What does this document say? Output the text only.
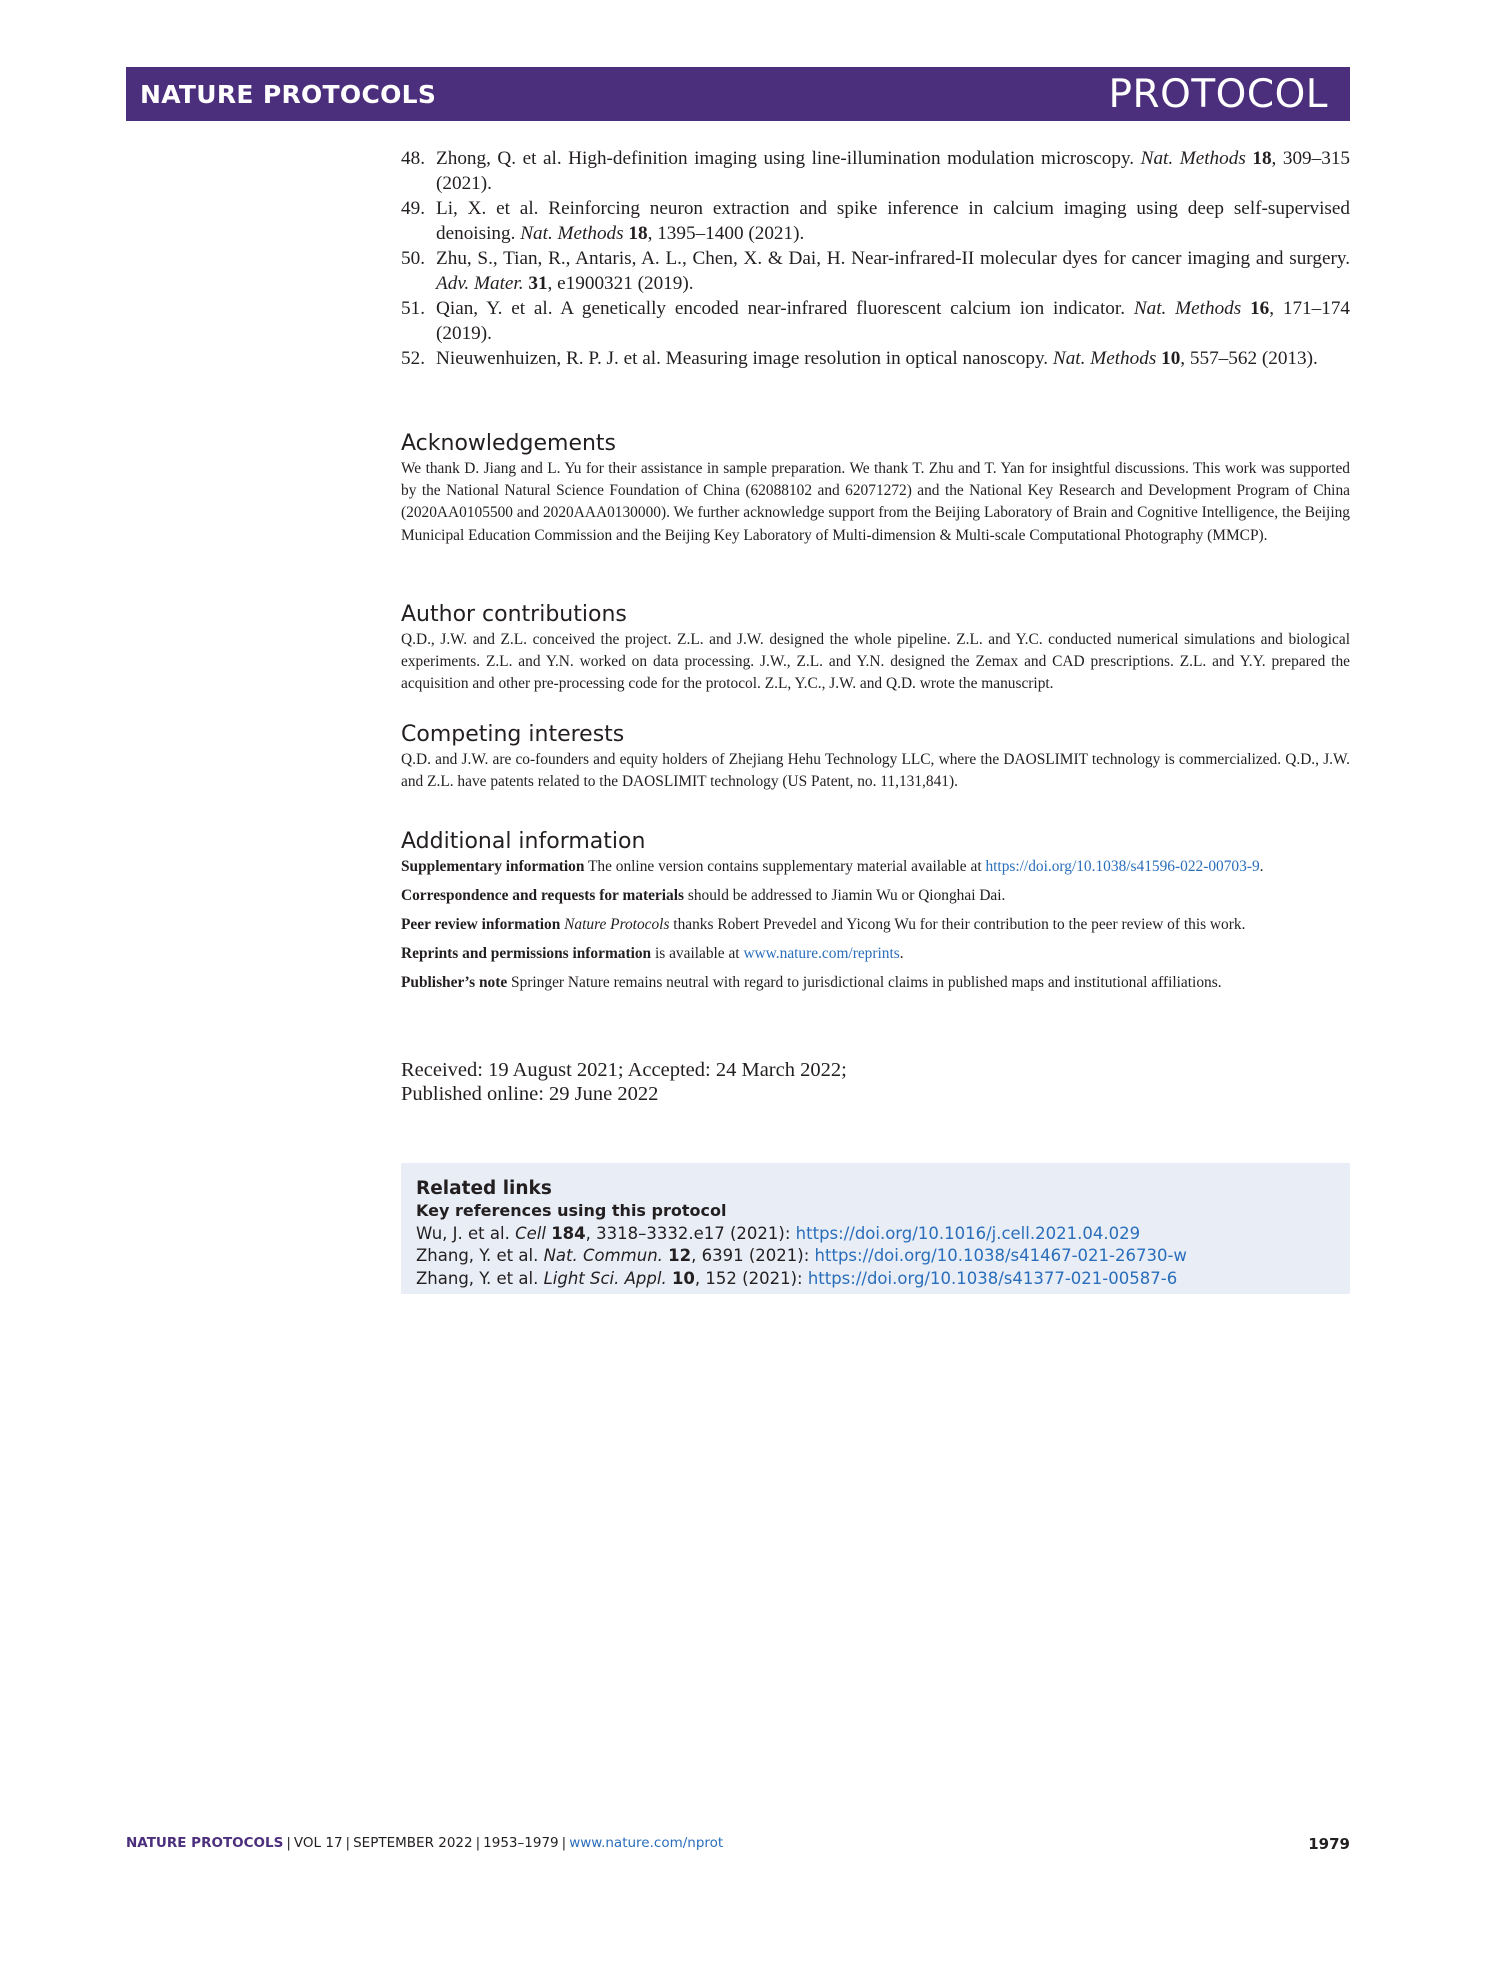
NATURE PROTOCOLS	PROTOCOL
48. Zhong, Q. et al. High-definition imaging using line-illumination modulation microscopy. Nat. Methods 18, 309–315 (2021).
49. Li, X. et al. Reinforcing neuron extraction and spike inference in calcium imaging using deep self-supervised denoising. Nat. Methods 18, 1395–1400 (2021).
50. Zhu, S., Tian, R., Antaris, A. L., Chen, X. & Dai, H. Near-infrared-II molecular dyes for cancer imaging and surgery. Adv. Mater. 31, e1900321 (2019).
51. Qian, Y. et al. A genetically encoded near-infrared fluorescent calcium ion indicator. Nat. Methods 16, 171–174 (2019).
52. Nieuwenhuizen, R. P. J. et al. Measuring image resolution in optical nanoscopy. Nat. Methods 10, 557–562 (2013).
Acknowledgements

We thank D. Jiang and L. Yu for their assistance in sample preparation. We thank T. Zhu and T. Yan for insightful discussions. This work was supported by the National Natural Science Foundation of China (62088102 and 62071272) and the National Key Research and Development Program of China (2020AA0105500 and 2020AAA0130000). We further acknowledge support from the Beijing Laboratory of Brain and Cognitive Intelligence, the Beijing Municipal Education Commission and the Beijing Key Laboratory of Multi-dimension & Multi-scale Computational Photography (MMCP).

Author contributions

Q.D., J.W. and Z.L. conceived the project. Z.L. and J.W. designed the whole pipeline. Z.L. and Y.C. conducted numerical simulations and biological experiments. Z.L. and Y.N. worked on data processing. J.W., Z.L. and Y.N. designed the Zemax and CAD prescriptions. Z.L. and Y.Y. prepared the acquisition and other pre-processing code for the protocol. Z.L, Y.C., J.W. and Q.D. wrote the manuscript.

Competing interests

Q.D. and J.W. are co-founders and equity holders of Zhejiang Hehu Technology LLC, where the DAOSLIMIT technology is commercialized. Q.D., J.W. and Z.L. have patents related to the DAOSLIMIT technology (US Patent, no. 11,131,841).

Additional information

Supplementary information The online version contains supplementary material available at https://doi.org/10.1038/s41596-022-00703-9.

Correspondence and requests for materials should be addressed to Jiamin Wu or Qionghai Dai.

Peer review information Nature Protocols thanks Robert Prevedel and Yicong Wu for their contribution to the peer review of this work.

Reprints and permissions information is available at www.nature.com/reprints.

Publisher’s note Springer Nature remains neutral with regard to jurisdictional claims in published maps and institutional affiliations.

Received: 19 August 2021; Accepted: 24 March 2022;
Published online: 29 June 2022
Related links
Key references using this protocol
Wu, J. et al. Cell 184, 3318–3332.e17 (2021): https://doi.org/10.1016/j.cell.2021.04.029
Zhang, Y. et al. Nat. Commun. 12, 6391 (2021): https://doi.org/10.1038/s41467-021-26730-w
Zhang, Y. et al. Light Sci. Appl. 10, 152 (2021): https://doi.org/10.1038/s41377-021-00587-6
NATURE PROTOCOLS | VOL 17 | SEPTEMBER 2022 | 1953–1979 | www.nature.com/nprot	1979
